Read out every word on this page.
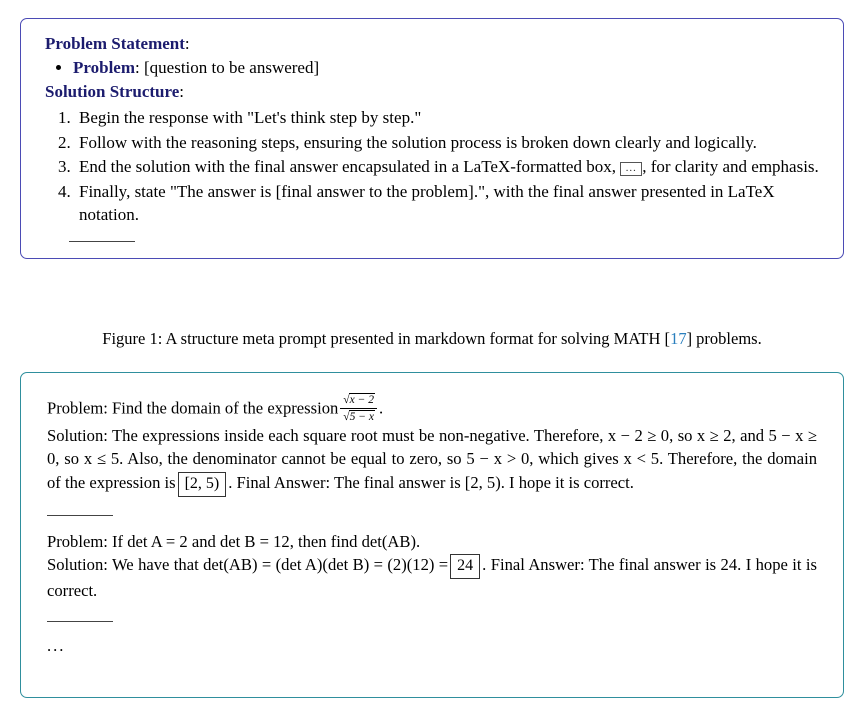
Problem Statement:
• Problem: [question to be answered]
Solution Structure:
1. Begin the response with "Let's think step by step."
2. Follow with the reasoning steps, ensuring the solution process is broken down clearly and logically.
3. End the solution with the final answer encapsulated in a LaTeX-formatted box, … , for clarity and emphasis.
4. Finally, state "The answer is [final answer to the problem].", with the final answer presented in LaTeX notation.
Figure 1: A structure meta prompt presented in markdown format for solving MATH [17] problems.

Problem: Find the domain of the expression $\frac{√x - 2}{√5 - x}$ .

Solution: The expressions inside each square root must be non-negative. Therefore, x − 2 ≥ 0, so x ≥ 2, and 5 − x ≥ 0, so x ≤ 5. Also, the denominator cannot be equal to zero, so 5 − x > 0, which gives x < 5. Therefore, the domain of the expression is [2, 5) . Final Answer: The final answer is [2, 5). I hope it is correct.

Problem: If det A = 2 and det B = 12, then find det(AB).

Solution: We have that det(AB) = (det A)(det B) = (2)(12) = 24 . Final Answer: The final answer is 24. I hope it is correct.

...
